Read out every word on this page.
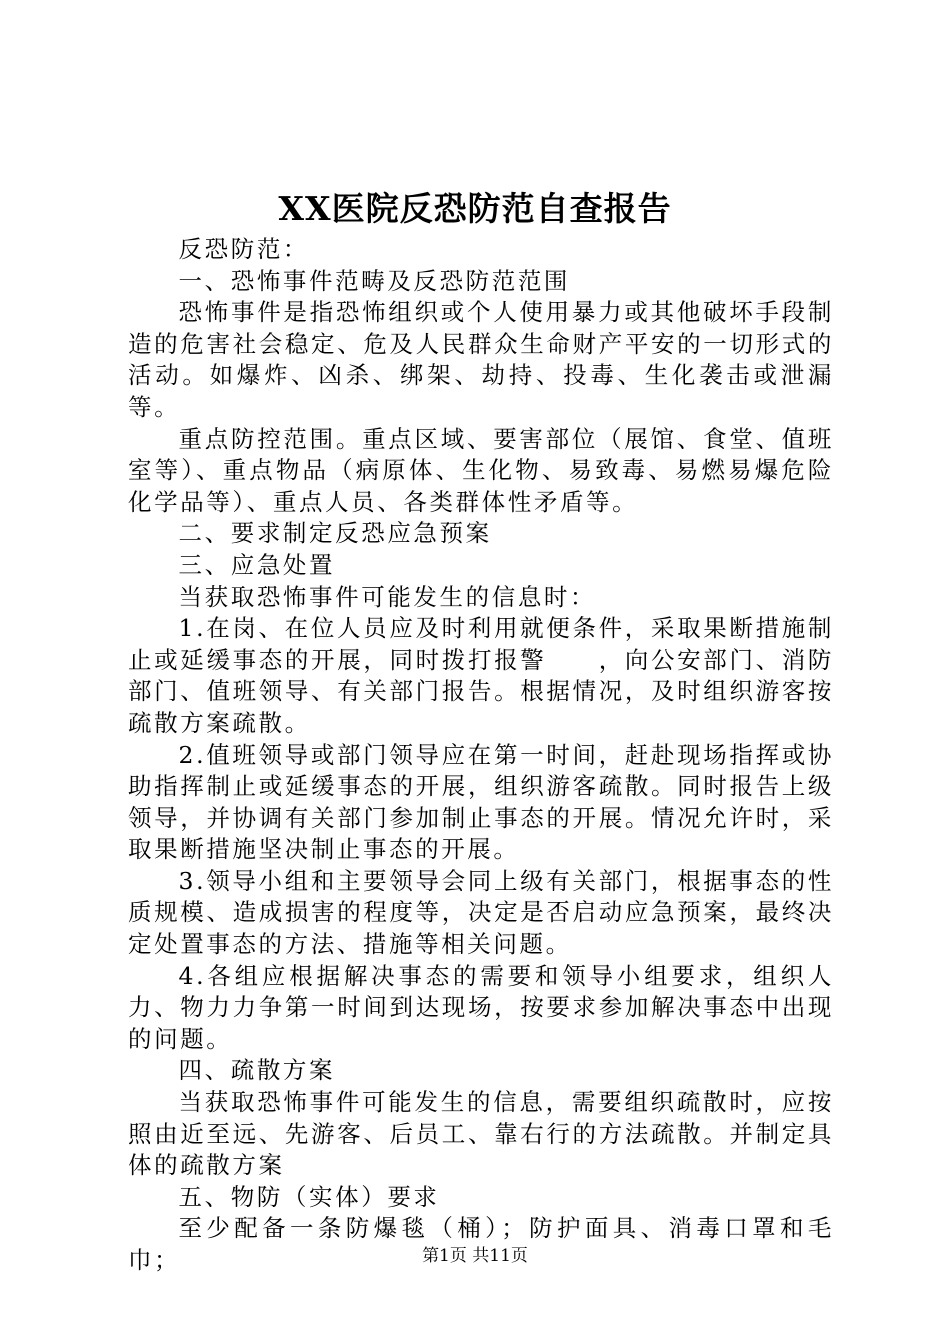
XX医院反恐防范自查报告

反恐防范：

一、恐怖事件范畴及反恐防范范围

恐怖事件是指恐怖组织或个人使用暴力或其他破坏手段制造的危害社会稳定、危及人民群众生命财产平安的一切形式的活动。如爆炸、凶杀、绑架、劫持、投毒、生化袭击或泄漏等。

重点防控范围。重点区域、要害部位（展馆、食堂、值班室等）、重点物品（病原体、生化物、易致毒、易燃易爆危险化学品等）、重点人员、各类群体性矛盾等。

二、要求制定反恐应急预案

三、应急处置

当获取恐怖事件可能发生的信息时：

1.在岗、在位人员应及时利用就便条件，采取果断措施制止或延缓事态的开展，同时拨打报警　　，向公安部门、消防部门、值班领导、有关部门报告。根据情况，及时组织游客按疏散方案疏散。

2.值班领导或部门领导应在第一时间，赶赴现场指挥或协助指挥制止或延缓事态的开展，组织游客疏散。同时报告上级领导，并协调有关部门参加制止事态的开展。情况允许时，采取果断措施坚决制止事态的开展。

3.领导小组和主要领导会同上级有关部门，根据事态的性质规模、造成损害的程度等，决定是否启动应急预案，最终决定处置事态的方法、措施等相关问题。

4.各组应根据解决事态的需要和领导小组要求，组织人力、物力力争第一时间到达现场，按要求参加解决事态中出现的问题。

四、疏散方案

当获取恐怖事件可能发生的信息，需要组织疏散时，应按照由近至远、先游客、后员工、靠右行的方法疏散。并制定具体的疏散方案

五、物防（实体）要求

至少配备一条防爆毯（桶）；防护面具、消毒口罩和毛巾；	第1页 共11页
